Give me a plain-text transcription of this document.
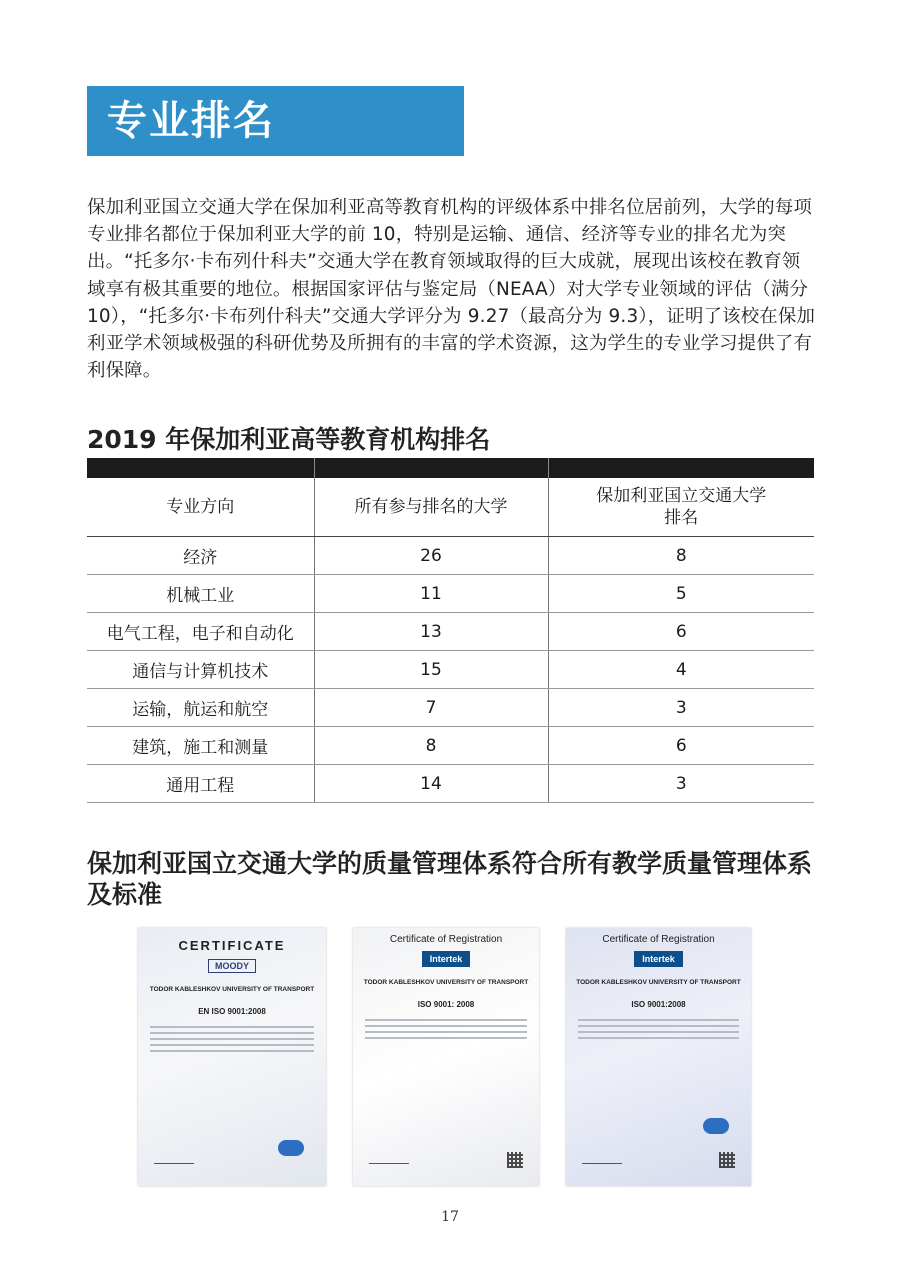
专业排名

保加利亚国立交通大学在保加利亚高等教育机构的评级体系中排名位居前列，大学的每项专业排名都位于保加利亚大学的前 10，特别是运输、通信、经济等专业的排名尤为突出。“托多尔·卡布列什科夫”交通大学在教育领域取得的巨大成就，展现出该校在教育领域享有极其重要的地位。根据国家评估与鉴定局（NEAA）对大学专业领域的评估（满分 10），“托多尔·卡布列什科夫”交通大学评分为 9.27（最高分为 9.3），证明了该校在保加利亚学术领域极强的科研优势及所拥有的丰富的学术资源，这为学生的专业学习提供了有利保障。

2019 年保加利亚高等教育机构排名

专业方向	所有参与排名的大学	保加利亚国立交通大学
排名
经济	26	8
机械工业	11	5
电气工程，电子和自动化	13	6
通信与计算机技术	15	4
运输，航运和航空	7	3
建筑，施工和测量	8	6
通用工程	14	3
保加利亚国立交通大学的质量管理体系符合所有教学质量管理体系及标准
CERTIFICATE
MOODY
TODOR KABLESHKOV UNIVERSITY OF TRANSPORT
EN ISO 9001:2008
Certificate of Registration
Intertek
TODOR KABLESHKOV UNIVERSITY OF TRANSPORT
ISO 9001: 2008
Certificate of Registration
Intertek
TODOR KABLESHKOV UNIVERSITY OF TRANSPORT
ISO 9001:2008
17
